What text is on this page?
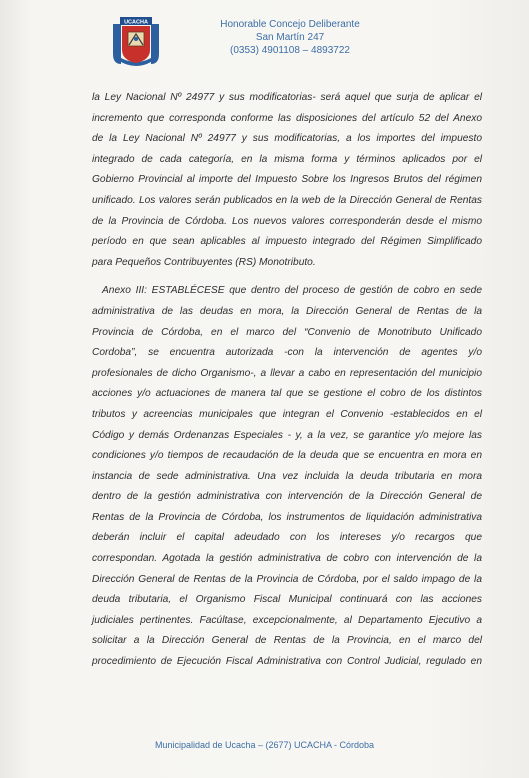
UCACHA	Honorable Concejo Deliberante
San Martín 247
(0353) 4901108 – 4893722

la Ley Nacional Nº 24977 y sus modificatorias- será aquel que surja de aplicar el
incremento que corresponda conforme las disposiciones del artículo 52 del Anexo
de la Ley Nacional Nº 24977 y sus modificatorias, a los importes del impuesto
integrado de cada categoría, en la misma forma y términos aplicados por el
Gobierno Provincial al importe del Impuesto Sobre los Ingresos Brutos del régimen
unificado. Los valores serán publicados en la web de la Dirección General de Rentas
de la Provincia de Córdoba. Los nuevos valores corresponderán desde el mismo
período en que sean aplicables al impuesto integrado del Régimen Simplificado
para Pequeños Contribuyentes (RS) Monotributo.

Anexo III: ESTABLÉCESE que dentro del proceso de gestión de cobro en sede
administrativa de las deudas en mora, la Dirección General de Rentas de la
Provincia de Córdoba, en el marco del “Convenio de Monotributo Unificado
Cordoba”, se encuentra autorizada -con la intervención de agentes y/o
profesionales de dicho Organismo-, a llevar a cabo en representación del municipio
acciones y/o actuaciones de manera tal que se gestione el cobro de los distintos
tributos y acreencias municipales que integran el Convenio -establecidos en el
Código y demás Ordenanzas Especiales - y, a la vez, se garantice y/o mejore las
condiciones y/o tiempos de recaudación de la deuda que se encuentra en mora en
instancia de sede administrativa. Una vez incluida la deuda tributaria en mora
dentro de la gestión administrativa con intervención de la Dirección General de
Rentas de la Provincia de Córdoba, los instrumentos de liquidación administrativa
deberán incluir el capital adeudado con los intereses y/o recargos que
correspondan. Agotada la gestión administrativa de cobro con intervención de la
Dirección General de Rentas de la Provincia de Córdoba, por el saldo impago de la
deuda tributaria, el Organismo Fiscal Municipal continuará con las acciones
judiciales pertinentes. Facúltase, excepcionalmente, al Departamento Ejecutivo a
solicitar a la Dirección General de Rentas de la Provincia, en el marco del
procedimiento de Ejecución Fiscal Administrativa con Control Judicial, regulado en

Municipalidad de Ucacha – (2677) UCACHA - Córdoba
